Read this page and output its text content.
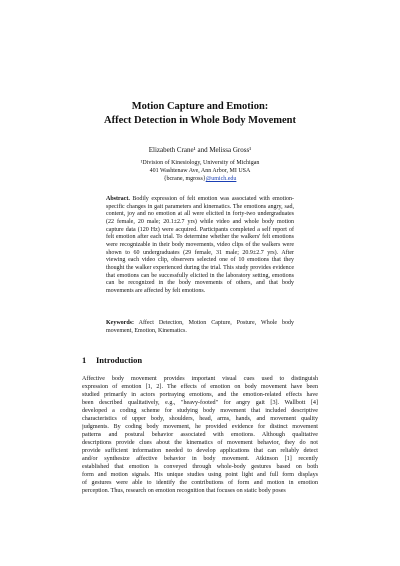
Motion Capture and Emotion:
Affect Detection in Whole Body Movement
Elizabeth Crane¹ and Melissa Gross¹
¹Division of Kinesiology, University of Michigan
401 Washtenaw Ave, Ann Arbor, MI USA
{bcrane, mgross}@umich.edu
Abstract. Bodily expression of felt emotion was associated with emotion-specific changes in gait parameters and kinematics. The emotions angry, sad, content, joy and no emotion at all were elicited in forty-two undergraduates (22 female, 20 male; 20.1±2.7 yrs) while video and whole body motion capture data (120 Hz) were acquired. Participants completed a self report of felt emotion after each trial. To determine whether the walkers' felt emotions were recognizable in their body movements, video clips of the walkers were shown to 60 undergraduates (29 female, 31 male; 20.9±2.7 yrs). After viewing each video clip, observers selected one of 10 emotions that they thought the walker experienced during the trial. This study provides evidence that emotions can be successfully elicited in the laboratory setting, emotions can be recognized in the body movements of others, and that body movements are affected by felt emotions.
Keywords: Affect Detection, Motion Capture, Posture, Whole body movement, Emotion, Kinematics.
1 Introduction
Affective body movement provides important visual cues used to distinguish
expression of emotion [1, 2]. The effects of emotion on body movement have been
studied primarily in actors portraying emotions, and the emotion-related effects have
been described qualitatively, e.g., "heavy-footed" for angry gait [3]. Wallbott [4]
developed a coding scheme for studying body movement that included descriptive
characteristics of upper body, shoulders, head, arms, hands, and movement quality
judgments. By coding body movement, he provided evidence for distinct movement
patterns and postural behavior associated with emotions. Although qualitative
descriptions provide clues about the kinematics of movement behavior, they do not
provide sufficient information needed to develop applications that can reliably detect
and/or synthesize affective behavior in body movement. Atkinson [1] recently
established that emotion is conveyed through whole-body gestures based on both
form and motion signals. His unique studies using point light and full form displays
of gestures were able to identify the contributions of form and motion in emotion
perception. Thus, research on emotion recognition that focuses on static body poses
